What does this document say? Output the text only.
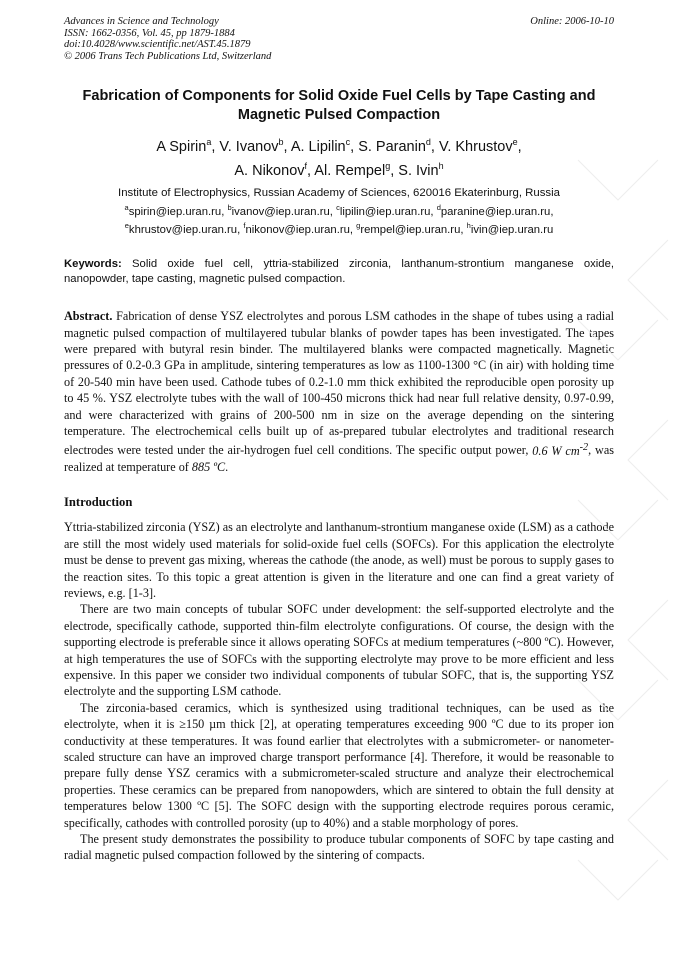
Advances in Science and Technology
ISSN: 1662-0356, Vol. 45, pp 1879-1884
doi:10.4028/www.scientific.net/AST.45.1879
© 2006 Trans Tech Publications Ltd, Switzerland
Online: 2006-10-10
Fabrication of Components for Solid Oxide Fuel Cells by Tape Casting and Magnetic Pulsed Compaction
A Spirin$^a$, V. Ivanov$^b$, A. Lipilin$^c$, S. Paranin$^d$, V. Khrustov$^e$,
A. Nikonov$^f$, Al. Rempel$^g$, S. Ivin$^h$
Institute of Electrophysics, Russian Academy of Sciences, 620016 Ekaterinburg, Russia
$^a$spirin@iep.uran.ru, $^b$ivanov@iep.uran.ru, $^c$lipilin@iep.uran.ru, $^d$paranine@iep.uran.ru,
$^e$khrustov@iep.uran.ru, $^f$nikonov@iep.uran.ru, $^g$rempel@iep.uran.ru, $^h$ivin@iep.uran.ru
Keywords: Solid oxide fuel cell, yttria-stabilized zirconia, lanthanum-strontium manganese oxide, nanopowder, tape casting, magnetic pulsed compaction.
Abstract. Fabrication of dense YSZ electrolytes and porous LSM cathodes in the shape of tubes using a radial magnetic pulsed compaction of multilayered tubular blanks of powder tapes has been investigated. The tapes were prepared with butyral resin binder. The multilayered blanks were compacted magnetically. Magnetic pressures of 0.2-0.3 GPa in amplitude, sintering temperatures as low as 1100-1300 °C (in air) with holding time of 20-540 min have been used. Cathode tubes of 0.2-1.0 mm thick exhibited the reproducible open porosity up to 45 %. YSZ electrolyte tubes with the wall of 100-450 microns thick had near full relative density, 0.97-0.99, and were characterized with grains of 200-500 nm in size on the average depending on the sintering temperature. The electrochemical cells built up of as-prepared tubular electrolytes and traditional research electrodes were tested under the air-hydrogen fuel cell conditions. The specific output power, 0.6 W $cm^{-2}$, was realized at temperature of 885 ºC.
Introduction

Yttria-stabilized zirconia (YSZ) as an electrolyte and lanthanum-strontium manganese oxide (LSM) as a cathode are still the most widely used materials for solid-oxide fuel cells (SOFCs). For this application the electrolyte must be dense to prevent gas mixing, whereas the cathode (the anode, as well) must be porous to supply gases to the reaction sites. To this topic a great attention is given in the literature and one can find a great variety of reviews, e.g. [1-3].

There are two main concepts of tubular SOFC under development: the self-supported electrolyte and the electrode, specifically cathode, supported thin-film electrolyte configurations. Of course, the design with the supporting electrode is preferable since it allows operating SOFCs at medium temperatures (~800 ºC). However, at high temperatures the use of SOFCs with the supporting electrolyte may prove to be more efficient and less expensive. In this paper we consider two individual components of tubular SOFC, that is, the supporting YSZ electrolyte and the supporting LSM cathode.

The zirconia-based ceramics, which is synthesized using traditional techniques, can be used as the electrolyte, when it is ≥150 µm thick [2], at operating temperatures exceeding 900 ºC due to its proper ion conductivity at these temperatures. It was found earlier that electrolytes with a submicrometer- or nanometer-scaled structure can have an improved charge transport performance [4]. Therefore, it would be reasonable to prepare fully dense YSZ ceramics with a submicrometer-scaled structure and analyze their electrochemical properties. These ceramics can be prepared from nanopowders, which are sintered to obtain the full density at temperatures below 1300 ºC [5]. The SOFC design with the supporting electrode requires porous ceramic, specifically, cathodes with controlled porosity (up to 40%) and a stable morphology of pores.

The present study demonstrates the possibility to produce tubular components of SOFC by tape casting and radial magnetic pulsed compaction followed by the sintering of compacts.
